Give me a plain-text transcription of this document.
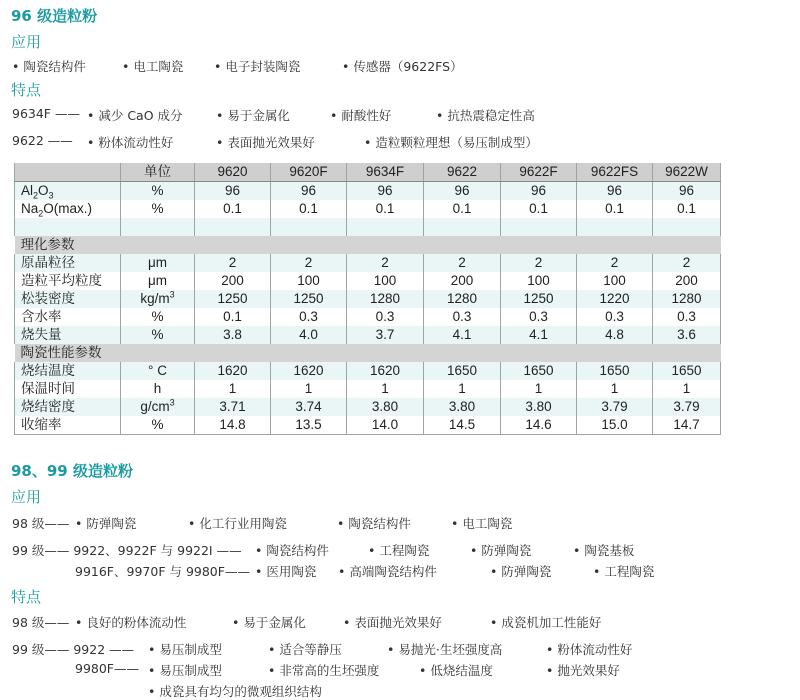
96 级造粒粉
应用
• 陶瓷结构件	• 电工陶瓷 • 电子封装陶瓷	• 传感器（9622FS）
特点
9634F —— • 减少 CaO 成分	• 易于金属化	• 耐酸性好	• 抗热震稳定性高
9622 —— • 粉体流动性好	• 表面抛光效果好	• 造粒颗粒理想（易压制成型）
	单位	9620	9620F	9634F	9622	9622F	9622FS	9622W
$Al_2O_3$	%	96	96	96	96	96	96	96
$Na_2O(\max.)$	%	0.1	0.1	0.1	0.1	0.1	0.1	0.1

理化参数								
原晶粒径	μm	2	2	2	2	2	2	2
造粒平均粒度	μm	200	100	100	200	100	100	200
松装密度	$kg/m^3$	1250	1250	1280	1280	1250	1220	1280
含水率	%	0.1	0.3	0.3	0.3	0.3	0.3	0.3
烧失量	%	3.8	4.0	3.7	4.1	4.1	4.8	3.6
陶瓷性能参数								
烧结温度	° C	1620	1620	1620	1650	1650	1650	1650
保温时间	h	1	1	1	1	1	1	1
烧结密度	$g/cm^3$	3.71	3.74	3.80	3.80	3.80	3.79	3.79
收缩率	%	14.8	13.5	14.0	14.5	14.6	15.0	14.7
98、99 级造粒粉
应用
98 级—— • 防弹陶瓷	• 化工行业用陶瓷	• 陶瓷结构件	• 电工陶瓷
99 级—— 9922、9922F 与 9922I —— • 陶瓷结构件	• 工程陶瓷	• 防弹陶瓷	• 陶瓷基板
9916F、9970F 与 9980F—— • 医用陶瓷 • 高端陶瓷结构件	• 防弹陶瓷	• 工程陶瓷
特点
98 级—— • 良好的粉体流动性	• 易于金属化	• 表面抛光效果好	• 成瓷机加工性能好
99 级—— 9922 —— • 易压制成型	• 适合等静压	• 易抛光·生坯强度高	• 粉体流动性好
9980F—— • 易压制成型	• 非常高的生坯强度	• 低烧结温度	• 抛光效果好
• 成瓷具有均匀的微观组织结构
